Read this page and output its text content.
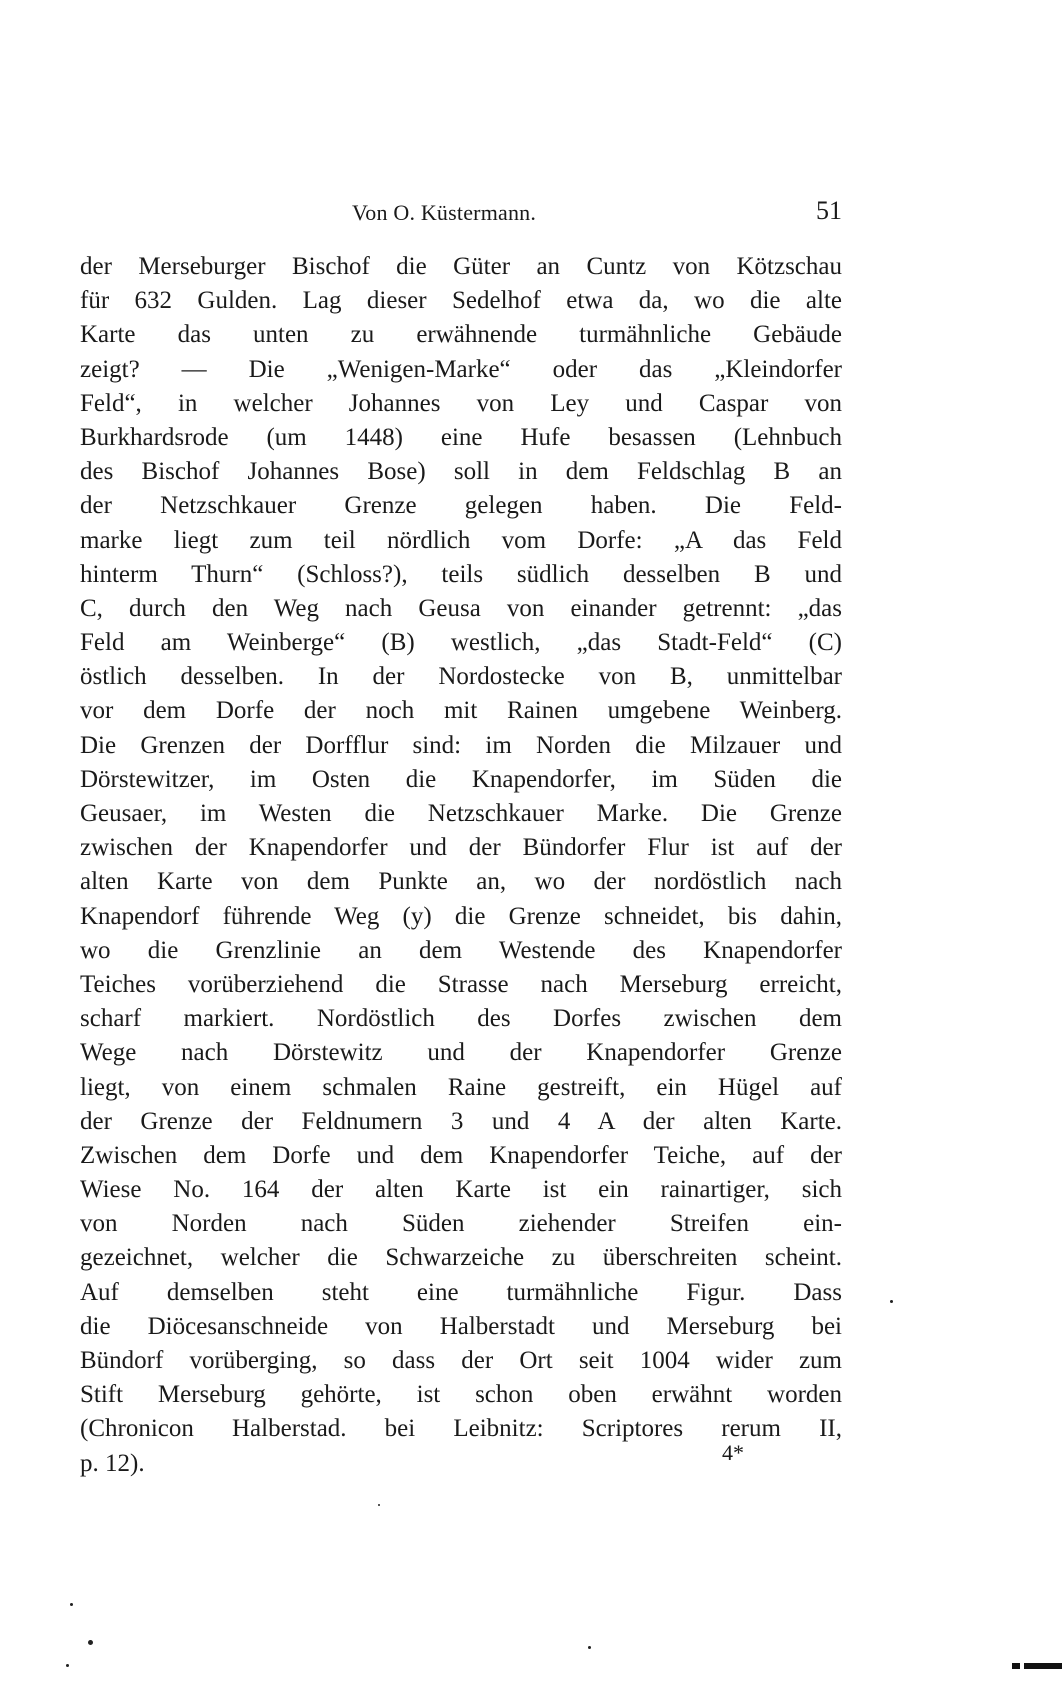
Von O. Küstermann.	51
der Merseburger Bischof die Güter an Cuntz von Kötzschau
für 632 Gulden. Lag dieser Sedelhof etwa da, wo die alte
Karte das unten zu erwähnende turmähnliche Gebäude
zeigt? — Die „Wenigen-Marke“ oder das „Kleindorfer
Feld“, in welcher Johannes von Ley und Caspar von
Burkhardsrode (um 1448) eine Hufe besassen (Lehnbuch
des Bischof Johannes Bose) soll in dem Feldschlag B an
der Netzschkauer Grenze gelegen haben. Die Feld-
marke liegt zum teil nördlich vom Dorfe: „A das Feld
hinterm Thurn“ (Schloss?), teils südlich desselben B und
C, durch den Weg nach Geusa von einander getrennt: „das
Feld am Weinberge“ (B) westlich, „das Stadt-Feld“ (C)
östlich desselben. In der Nordostecke von B, unmittelbar
vor dem Dorfe der noch mit Rainen umgebene Weinberg.
Die Grenzen der Dorfflur sind: im Norden die Milzauer und
Dörstewitzer, im Osten die Knapendorfer, im Süden die
Geusaer, im Westen die Netzschkauer Marke. Die Grenze
zwischen der Knapendorfer und der Bündorfer Flur ist auf der
alten Karte von dem Punkte an, wo der nordöstlich nach
Knapendorf führende Weg (y) die Grenze schneidet, bis dahin,
wo die Grenzlinie an dem Westende des Knapendorfer
Teiches vorüberziehend die Strasse nach Merseburg erreicht,
scharf markiert. Nordöstlich des Dorfes zwischen dem
Wege nach Dörstewitz und der Knapendorfer Grenze
liegt, von einem schmalen Raine gestreift, ein Hügel auf
der Grenze der Feldnumern 3 und 4 A der alten Karte.
Zwischen dem Dorfe und dem Knapendorfer Teiche, auf der
Wiese No. 164 der alten Karte ist ein rainartiger, sich
von Norden nach Süden ziehender Streifen ein-
gezeichnet, welcher die Schwarzeiche zu überschreiten scheint.
Auf demselben steht eine turmähnliche Figur. Dass
die Diöcesanschneide von Halberstadt und Merseburg bei
Bündorf vorüberging, so dass der Ort seit 1004 wider zum
Stift Merseburg gehörte, ist schon oben erwähnt worden
(Chronicon Halberstad. bei Leibnitz: Scriptores rerum II,
p. 12).	4*
